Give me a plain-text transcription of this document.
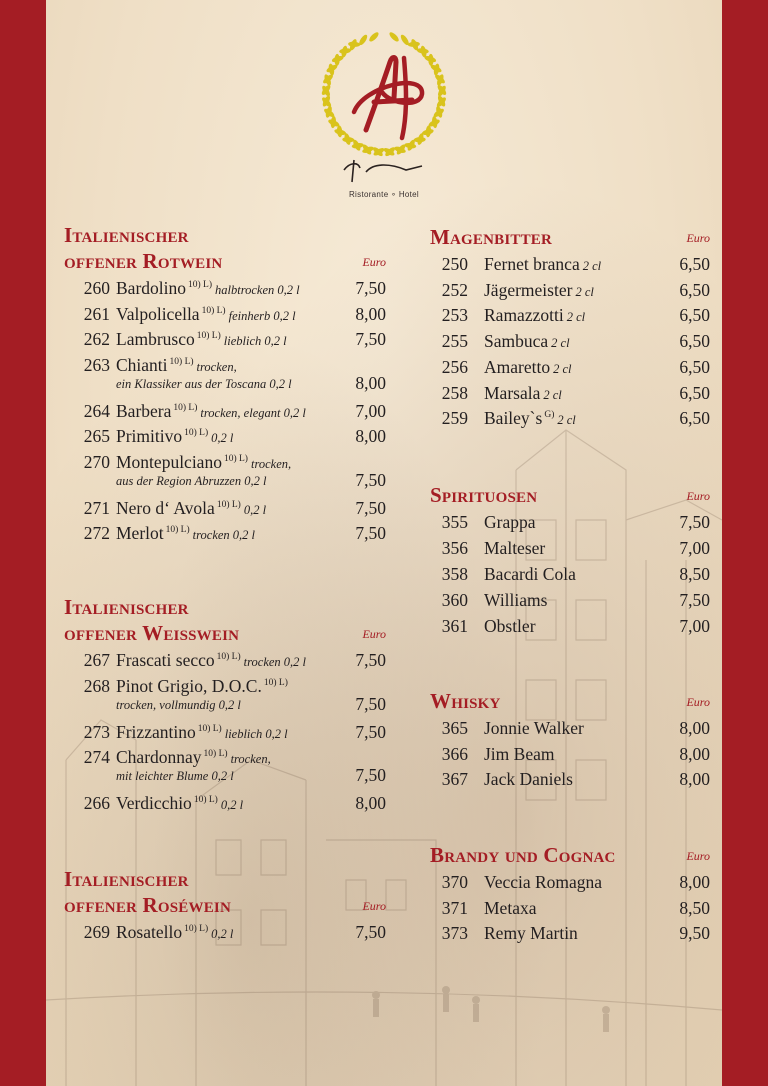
Ristorante ∘ Hotel
Italienischer
offener Rotwein	Euro
260 Bardolino $^{10) L)}$ halbtrocken 0,2 l	7,50
261 Valpolicella $^{10) L)}$ feinherb 0,2 l	8,00
262 Lambrusco $^{10) L)}$ lieblich 0,2 l	7,50
263 Chianti $^{10) L)}$ trocken,
ein Klassiker aus der Toscana 0,2 l	8,00
264 Barbera $^{10) L)}$ trocken, elegant 0,2 l	7,00
265 Primitivo $^{10) L)}$ 0,2 l	8,00
270 Montepulciano $^{10) L)}$ trocken,
aus der Region Abruzzen 0,2 l	7,50
271 Nero d‘ Avola $^{10) L)}$ 0,2 l	7,50
272 Merlot $^{10) L)}$ trocken 0,2 l	7,50
Italienischer
offener Weisswein	Euro
267 Frascati secco $^{10) L)}$ trocken 0,2 l	7,50
268 Pinot Grigio, D.O.C. $^{10) L)}$
trocken, vollmundig 0,2 l	7,50
273 Frizzantino $^{10) L)}$ lieblich 0,2 l	7,50
274 Chardonnay $^{10) L)}$ trocken,
mit leichter Blume 0,2 l	7,50
266 Verdicchio $^{10) L)}$ 0,2 l	8,00
Italienischer
offener Roséwein	Euro
269 Rosatello $^{10) L)}$ 0,2 l	7,50
Magenbitter	Euro
250 Fernet branca 2 cl	6,50
252 Jägermeister 2 cl	6,50
253 Ramazzotti 2 cl	6,50
255 Sambuca 2 cl	6,50
256 Amaretto 2 cl	6,50
258 Marsala 2 cl	6,50
259 Bailey`s $^{G)}$ 2 cl	6,50
Spirituosen	Euro
355 Grappa	7,50
356 Malteser	7,00
358 Bacardi Cola	8,50
360 Williams	7,50
361 Obstler	7,00
Whisky	Euro
365 Jonnie Walker	8,00
366 Jim Beam	8,00
367 Jack Daniels	8,00
Brandy und Cognac	Euro
370 Veccia Romagna	8,00
371 Metaxa	8,50
373 Remy Martin	9,50
